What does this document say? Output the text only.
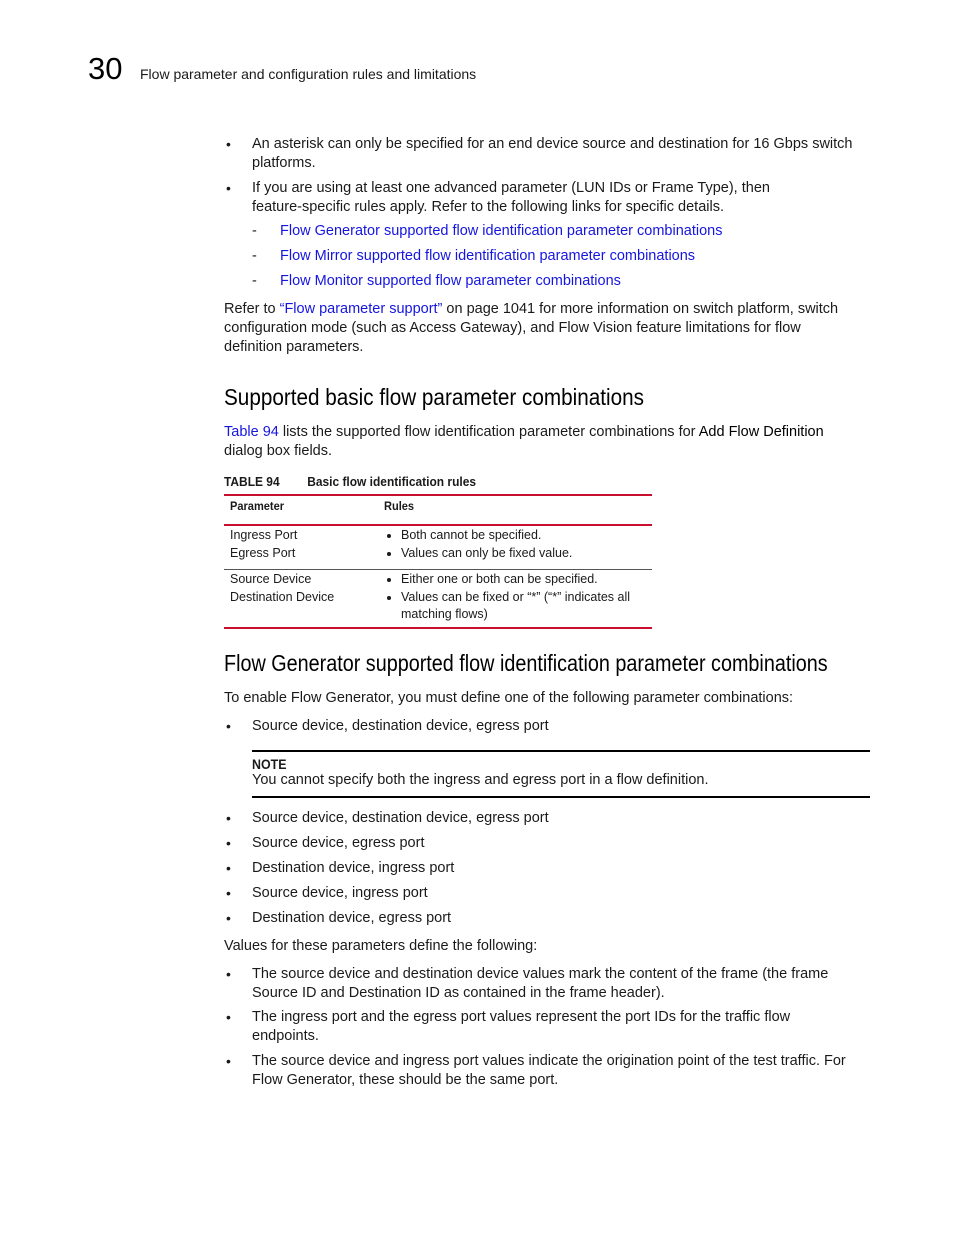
30 Flow parameter and configuration rules and limitations
• An asterisk can only be specified for an end device source and destination for 16 Gbps switch
platforms.
• If you are using at least one advanced parameter (LUN IDs or Frame Type), then
feature-specific rules apply. Refer to the following links for specific details.
- Flow Generator supported flow identification parameter combinations
- Flow Mirror supported flow identification parameter combinations
- Flow Monitor supported flow parameter combinations
Refer to “Flow parameter support” on page 1041 for more information on switch platform, switch
configuration mode (such as Access Gateway), and Flow Vision feature limitations for flow
definition parameters.
Supported basic flow parameter combinations
Table 94 lists the supported flow identification parameter combinations for Add Flow Definition
dialog box fields.
TABLE 94 Basic flow identification rules
Parameter	Rules
Ingress Port
Egress Port
• Both cannot be specified.
• Values can only be fixed value.
Source Device
Destination Device
• Either one or both can be specified.
• Values can be fixed or “*” (“*” indicates all matching flows)
Flow Generator supported flow identification parameter combinations
To enable Flow Generator, you must define one of the following parameter combinations:
• Source device, destination device, egress port
NOTE
You cannot specify both the ingress and egress port in a flow definition.
• Source device, destination device, egress port
• Source device, egress port
• Destination device, ingress port
• Source device, ingress port
• Destination device, egress port
Values for these parameters define the following:
• The source device and destination device values mark the content of the frame (the frame
Source ID and Destination ID as contained in the frame header).
• The ingress port and the egress port values represent the port IDs for the traffic flow
endpoints.
• The source device and ingress port values indicate the origination point of the test traffic. For
Flow Generator, these should be the same port.
